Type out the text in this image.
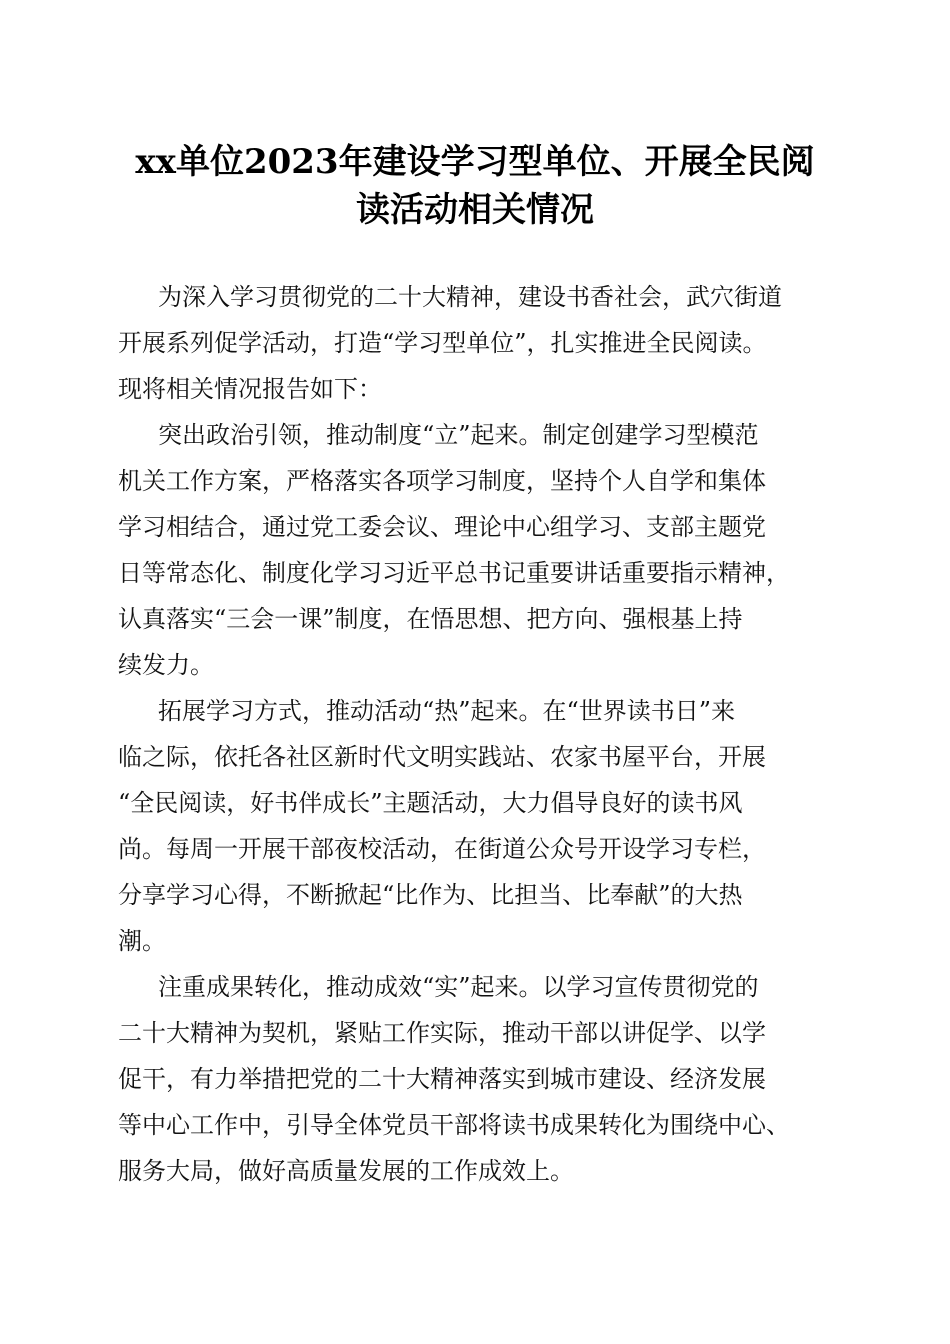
xx单位2023年建设学习型单位、开展全民阅
读活动相关情况
为深入学习贯彻党的二十大精神，建设书香社会，武穴街道
开展系列促学活动，打造“学习型单位”，扎实推进全民阅读。
现将相关情况报告如下：
突出政治引领，推动制度“立”起来。制定创建学习型模范
机关工作方案，严格落实各项学习制度，坚持个人自学和集体
学习相结合，通过党工委会议、理论中心组学习、支部主题党
日等常态化、制度化学习习近平总书记重要讲话重要指示精神，
认真落实“三会一课”制度，在悟思想、把方向、强根基上持
续发力。
拓展学习方式，推动活动“热”起来。在“世界读书日”来
临之际，依托各社区新时代文明实践站、农家书屋平台，开展
“全民阅读，好书伴成长”主题活动，大力倡导良好的读书风
尚。每周一开展干部夜校活动，在街道公众号开设学习专栏，
分享学习心得，不断掀起“比作为、比担当、比奉献”的大热
潮。
注重成果转化，推动成效“实”起来。以学习宣传贯彻党的
二十大精神为契机，紧贴工作实际，推动干部以讲促学、以学
促干，有力举措把党的二十大精神落实到城市建设、经济发展
等中心工作中，引导全体党员干部将读书成果转化为围绕中心、
服务大局，做好高质量发展的工作成效上。
